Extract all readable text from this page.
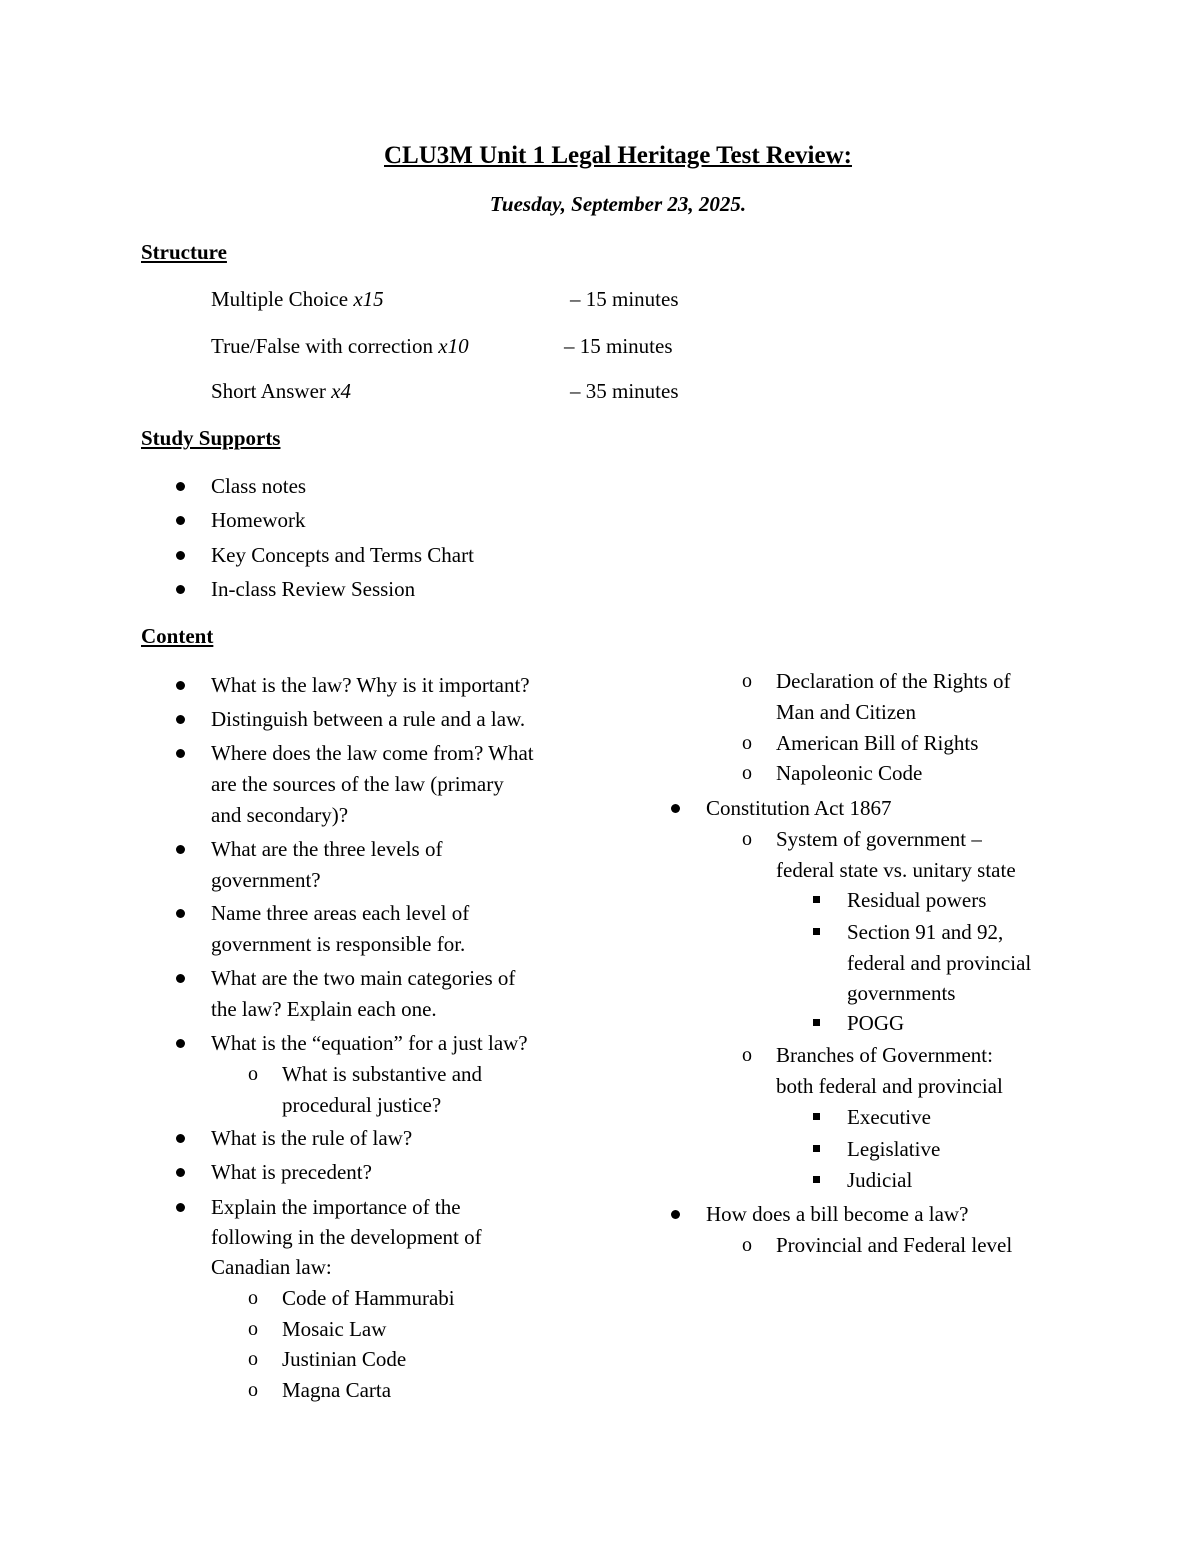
CLU3M Unit 1 Legal Heritage Test Review:
Tuesday, September 23, 2025.
Structure
Multiple Choice x15	– 15 minutes
True/False with correction x10	– 15 minutes
Short Answer x4	– 35 minutes
Study Supports
Class notes
Homework
Key Concepts and Terms Chart
In-class Review Session
Content
What is the law? Why is it important?
Distinguish between a rule and a law.
Where does the law come from? What
are the sources of the law (primary
and secondary)?
What are the three levels of
government?
Name three areas each level of
government is responsible for.
What are the two main categories of
the law? Explain each one.
What is the “equation” for a just law?
o What is substantive and
procedural justice?
What is the rule of law?
What is precedent?
Explain the importance of the
following in the development of
Canadian law:
o Code of Hammurabi
o Mosaic Law
o Justinian Code
o Magna Carta
o Declaration of the Rights of
Man and Citizen
o American Bill of Rights
o Napoleonic Code
Constitution Act 1867
o System of government –
federal state vs. unitary state
Residual powers
Section 91 and 92,
federal and provincial
governments
POGG
o Branches of Government:
both federal and provincial
Executive
Legislative
Judicial
How does a bill become a law?
o Provincial and Federal level
